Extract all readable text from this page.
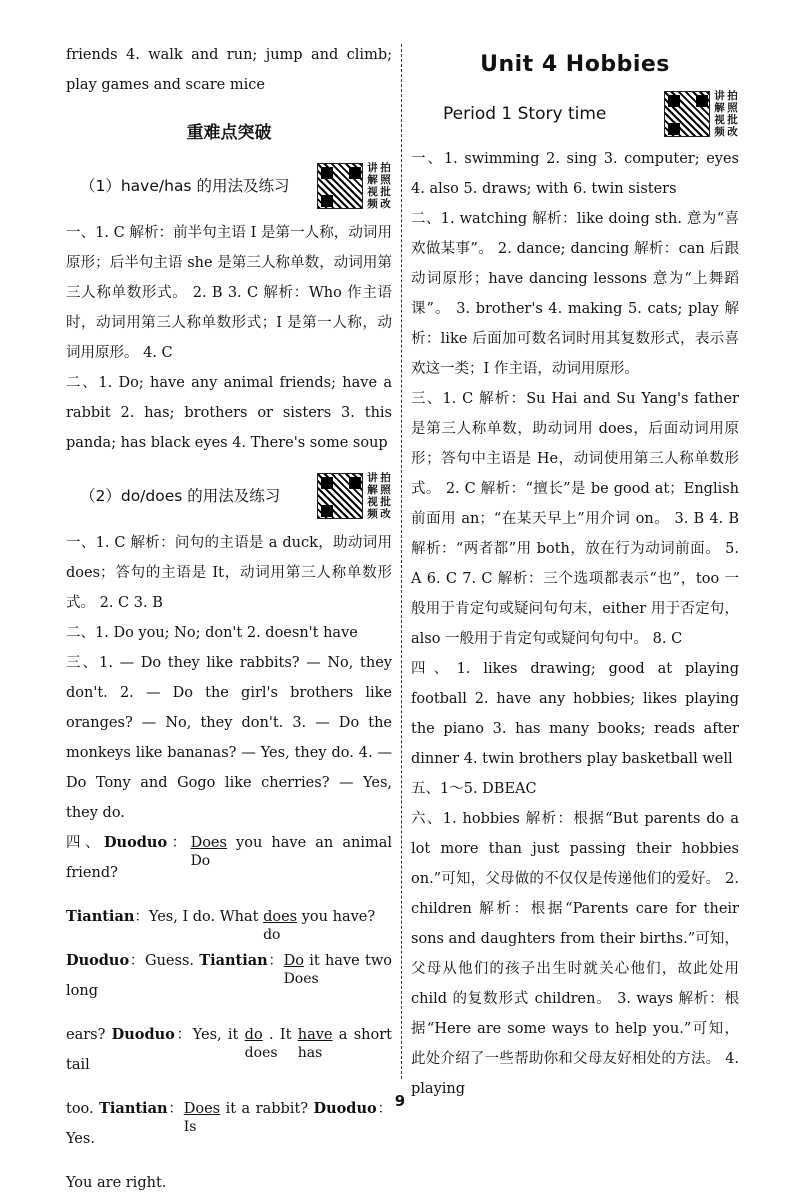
friends 4. walk and run; jump and climb; play games and scare mice

重难点突破
（1）have/has 的用法及练习
讲 拍
解 照
视 批
频 改

一、1. C 解析：前半句主语 I 是第一人称，动词用原形；后半句主语 she 是第三人称单数，动词用第三人称单数形式。 2. B 3. C 解析：Who 作主语时，动词用第三人称单数形式；I 是第一人称，动词用原形。 4. C

二、1. Do; have any animal friends; have a rabbit 2. has; brothers or sisters 3. this panda; has black eyes 4. There's some soup

（2）do/does 的用法及练习
讲 拍
解 照
视 批
频 改

一、1. C 解析：问句的主语是 a duck，助动词用 does；答句的主语是 It，动词用第三人称单数形式。 2. C 3. B

二、1. Do you; No; don't 2. doesn't have

三、1. — Do they like rabbits? — No, they don't. 2. — Do the girl's brothers like oranges? — No, they don't. 3. — Do the monkeys like bananas? — Yes, they do. 4. — Do Tony and Gogo like cherries? — Yes, they do.

四、Duoduo：Does
Do
you have an animal friend?

Tiantian：Yes, I do. What does
do
you have?

Duoduo：Guess. Tiantian：Do
Does
it have two long

ears? Duoduo：Yes, it do
does
. It have
has
a short tail

too. Tiantian：Does
Is
it a rabbit? Duoduo：Yes.

You are right.

Unit 4 Hobbies
Period 1 Story time
讲 拍
解 照
视 批
频 改

一、1. swimming 2. sing 3. computer; eyes 4. also 5. draws; with 6. twin sisters

二、1. watching 解析：like doing sth. 意为“喜欢做某事”。 2. dance; dancing 解析：can 后跟动词原形；have dancing lessons 意为“上舞蹈课”。 3. brother's 4. making 5. cats; play 解析：like 后面加可数名词时用其复数形式，表示喜欢这一类；I 作主语，动词用原形。

三、1. C 解析：Su Hai and Su Yang's father 是第三人称单数，助动词用 does，后面动词用原形；答句中主语是 He，动词使用第三人称单数形式。 2. C 解析：“擅长”是 be good at；English 前面用 an；“在某天早上”用介词 on。 3. B 4. B 解析：“两者都”用 both，放在行为动词前面。 5. A 6. C 7. C 解析：三个选项都表示“也”，too 一般用于肯定句或疑问句句末，either 用于否定句，also 一般用于肯定句或疑问句句中。 8. C

四、1. likes drawing; good at playing football 2. have any hobbies; likes playing the piano 3. has many books; reads after dinner 4. twin brothers play basketball well

五、1～5. DBEAC

六、1. hobbies 解析：根据“But parents do a lot more than just passing their hobbies on.”可知，父母做的不仅仅是传递他们的爱好。 2. children 解析：根据“Parents care for their sons and daughters from their births.”可知，父母从他们的孩子出生时就关心他们，故此处用 child 的复数形式 children。 3. ways 解析：根据“Here are some ways to help you.”可知，此处介绍了一些帮助你和父母友好相处的方法。 4. playing

9
